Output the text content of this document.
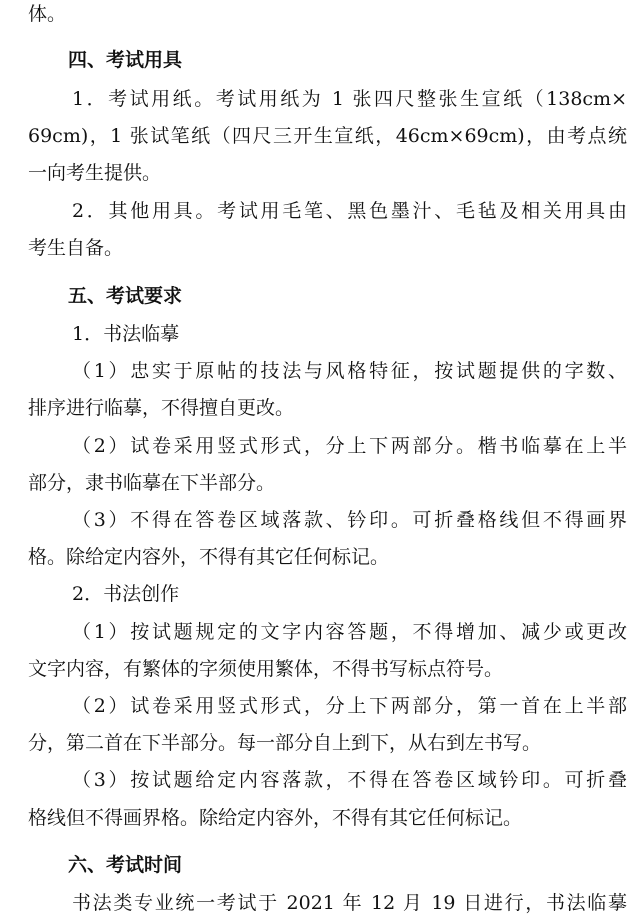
体。
四、考试用具
1．考试用纸。考试用纸为 1 张四尺整张生宣纸（138cm×
69cm)，1 张试笔纸（四尺三开生宣纸，46cm×69cm)，由考点统
一向考生提供。
2．其他用具。考试用毛笔、黑色墨汁、毛毡及相关用具由
考生自备。
五、考试要求
1．书法临摹
（1）忠实于原帖的技法与风格特征，按试题提供的字数、
排序进行临摹，不得擅自更改。
（2）试卷采用竖式形式，分上下两部分。楷书临摹在上半
部分，隶书临摹在下半部分。
（3）不得在答卷区域落款、钤印。可折叠格线但不得画界
格。除给定内容外，不得有其它任何标记。
2．书法创作
（1）按试题规定的文字内容答题，不得增加、减少或更改
文字内容，有繁体的字须使用繁体，不得书写标点符号。
（2）试卷采用竖式形式，分上下两部分，第一首在上半部
分，第二首在下半部分。每一部分自上到下，从右到左书写。
（3）按试题给定内容落款，不得在答卷区域钤印。可折叠
格线但不得画界格。除给定内容外，不得有其它任何标记。
六、考试时间
书法类专业统一考试于 2021 年 12 月 19 日进行，书法临摹
